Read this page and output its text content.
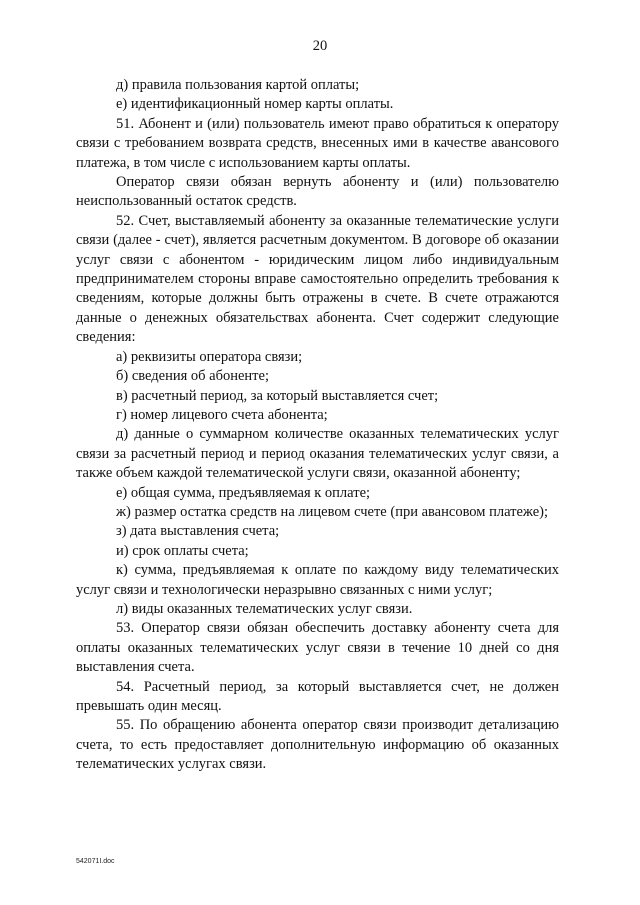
20

д) правила пользования картой оплаты;

е) идентификационный номер карты оплаты.

51. Абонент и (или) пользователь имеют право обратиться к оператору связи с требованием возврата средств, внесенных ими в качестве авансового платежа, в том числе с использованием карты оплаты.

Оператор связи обязан вернуть абоненту и (или) пользователю неиспользованный остаток средств.

52. Счет, выставляемый абоненту за оказанные телематические услуги связи (далее - счет), является расчетным документом. В договоре об оказании услуг связи с абонентом - юридическим лицом либо индивидуальным предпринимателем стороны вправе самостоятельно определить требования к сведениям, которые должны быть отражены в счете. В счете отражаются данные о денежных обязательствах абонента. Счет содержит следующие сведения:

а) реквизиты оператора связи;

б) сведения об абоненте;

в) расчетный период, за который выставляется счет;

г) номер лицевого счета абонента;

д) данные о суммарном количестве оказанных телематических услуг связи за расчетный период и период оказания телематических услуг связи, а также объем каждой телематической услуги связи, оказанной абоненту;

е) общая сумма, предъявляемая к оплате;

ж) размер остатка средств на лицевом счете (при авансовом платеже);

з) дата выставления счета;

и) срок оплаты счета;

к) сумма, предъявляемая к оплате по каждому виду телематических услуг связи и технологически неразрывно связанных с ними услуг;

л) виды оказанных телематических услуг связи.

53. Оператор связи обязан обеспечить доставку абоненту счета для оплаты оказанных телематических услуг связи в течение 10 дней со дня выставления счета.

54. Расчетный период, за который выставляется счет, не должен превышать один месяц.

55. По обращению абонента оператор связи производит детализацию счета, то есть предоставляет дополнительную информацию об оказанных телематических услугах связи.

542071I.doc
